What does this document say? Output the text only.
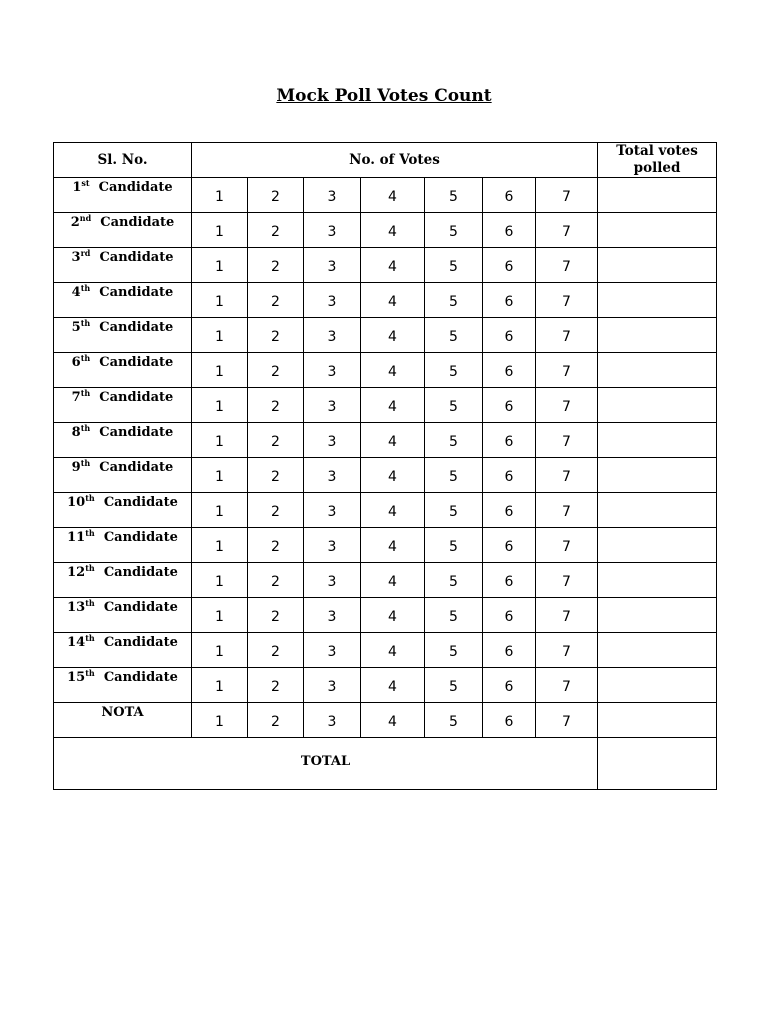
Mock Poll Votes Count
Sl. No.	No. of Votes							Total votes polled
1st Candidate	1	2	3	4	5	6	7	
2nd Candidate	1	2	3	4	5	6	7	
3rd Candidate	1	2	3	4	5	6	7	
4th Candidate	1	2	3	4	5	6	7	
5th Candidate	1	2	3	4	5	6	7	
6th Candidate	1	2	3	4	5	6	7	
7th Candidate	1	2	3	4	5	6	7	
8th Candidate	1	2	3	4	5	6	7	
9th Candidate	1	2	3	4	5	6	7	
10th Candidate	1	2	3	4	5	6	7	
11th Candidate	1	2	3	4	5	6	7	
12th Candidate	1	2	3	4	5	6	7	
13th Candidate	1	2	3	4	5	6	7	
14th Candidate	1	2	3	4	5	6	7	
15th Candidate	1	2	3	4	5	6	7	
NOTA	1	2	3	4	5	6	7	
TOTAL								
